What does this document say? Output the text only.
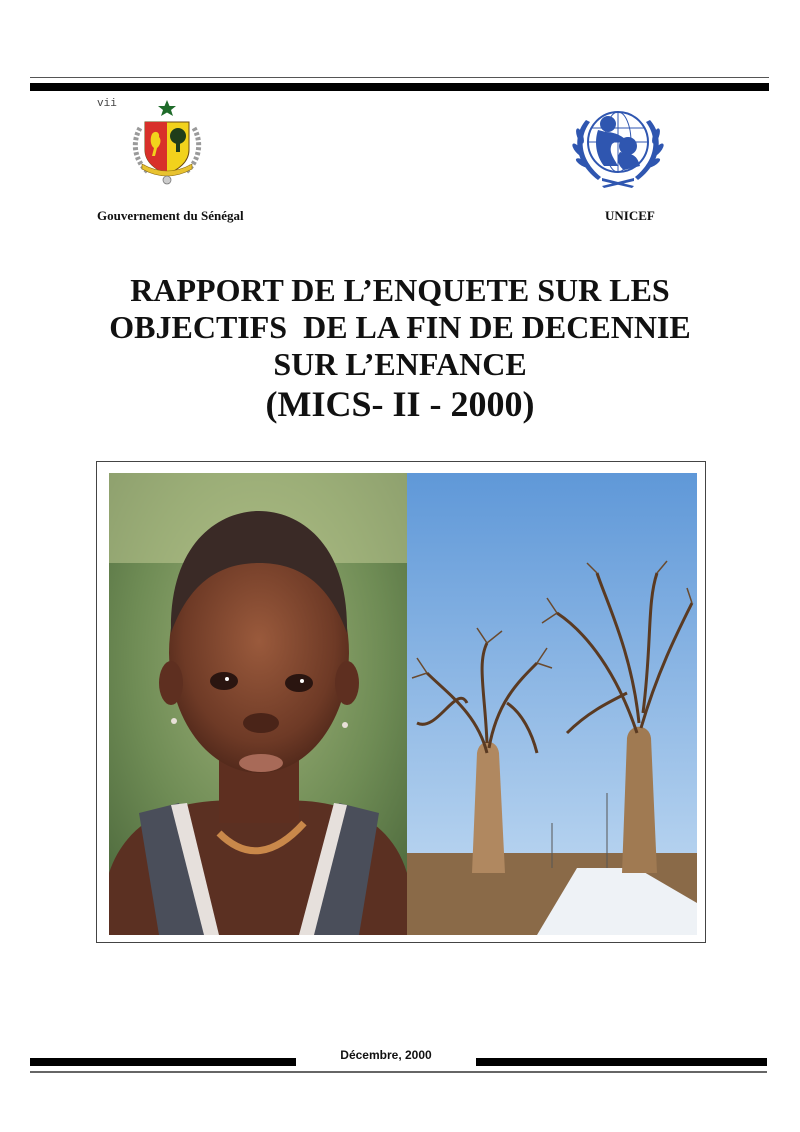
vii
Gouvernement du Sénégal	UNICEF
RAPPORT DE L’ENQUETE SUR LES
OBJECTIFS  DE LA FIN DE DECENNIE
SUR L’ENFANCE
(MICS- II - 2000)
Décembre, 2000
